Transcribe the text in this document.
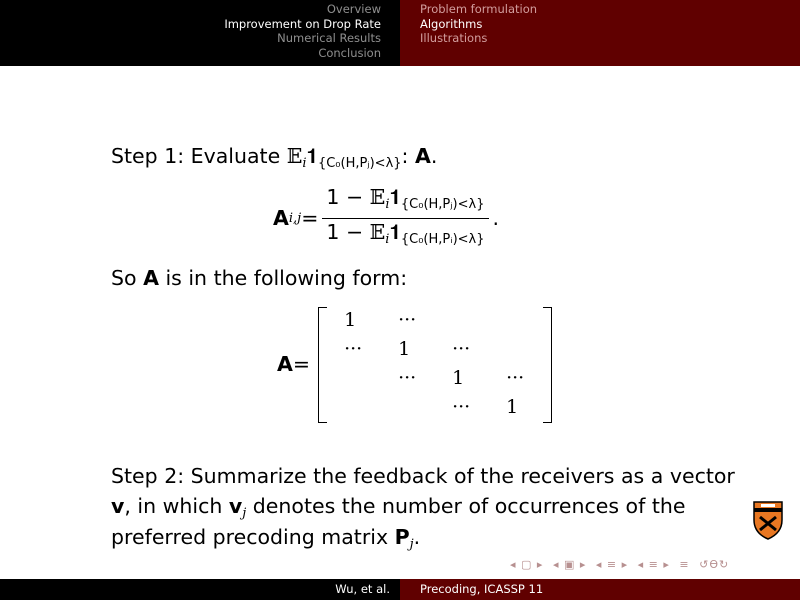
Overview
Improvement on Drop Rate
Numerical Results
Conclusion
Problem formulation
Algorithms
Illustrations
Step 1: Evaluate 𝔼i𝟏{C₀(H,Pⱼ)<λ}: A.
A $i,j = \frac{\text{1 − 𝔼i𝟏\{C₀(H,Pⱼ)<λ\}}}{\text{1 − 𝔼i𝟏\{C₀(H,Pᵢ)<λ\}}}$ .
So A is in the following form:
A =
1 ···
··· 1 ···
··· 1 ···
··· 1
Step 2: Summarize the feedback of the receivers as a vector
v, in which vj denotes the number of occurrences of the
preferred precoding matrix Pj.
◂ ▢ ▸ ◂ ▣ ▸ ◂ ≡ ▸ ◂ ≡ ▸ ≡ ↺ϴ↻
Wu, et al.	Precoding, ICASSP 11
